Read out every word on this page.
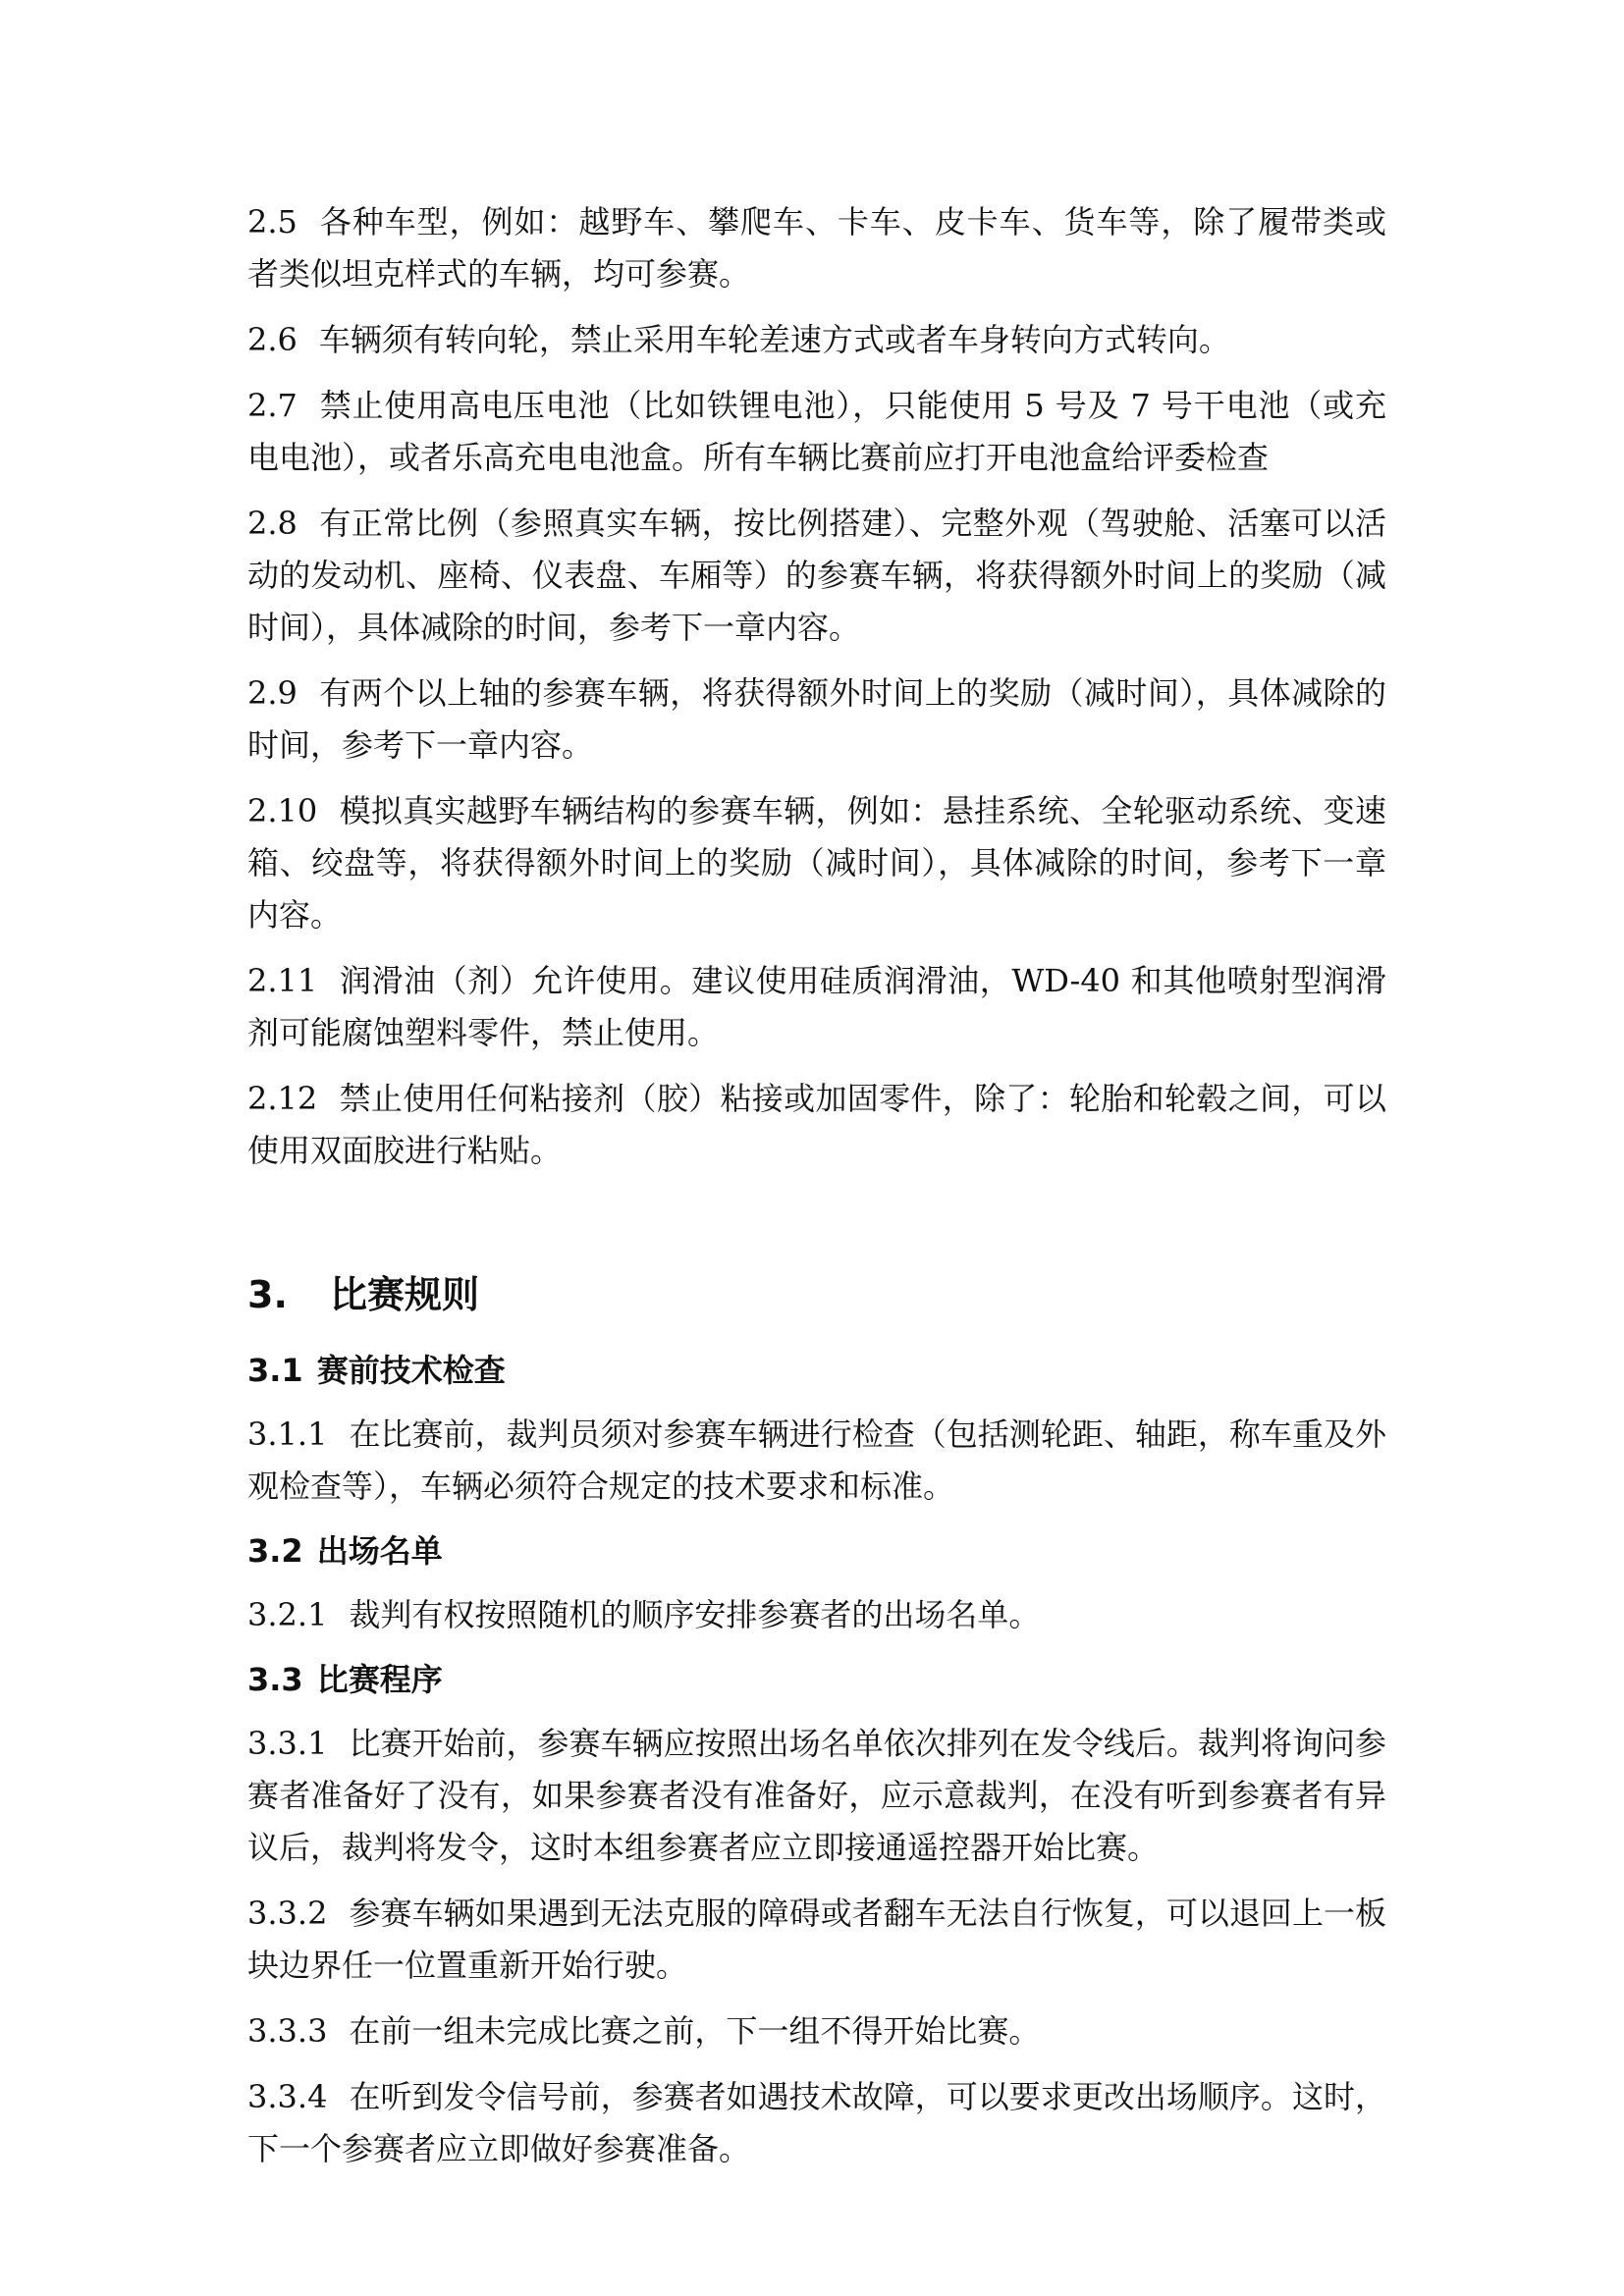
2.5 各种车型，例如：越野车、攀爬车、卡车、皮卡车、货车等，除了履带类或者类似坦克样式的车辆，均可参赛。

2.6 车辆须有转向轮，禁止采用车轮差速方式或者车身转向方式转向。

2.7 禁止使用高电压电池（比如铁锂电池），只能使用 5 号及 7 号干电池（或充电电池），或者乐高充电电池盒。所有车辆比赛前应打开电池盒给评委检查

2.8 有正常比例（参照真实车辆，按比例搭建）、完整外观（驾驶舱、活塞可以活动的发动机、座椅、仪表盘、车厢等）的参赛车辆，将获得额外时间上的奖励（减时间），具体减除的时间，参考下一章内容。

2.9 有两个以上轴的参赛车辆，将获得额外时间上的奖励（减时间），具体减除的时间，参考下一章内容。

2.10 模拟真实越野车辆结构的参赛车辆，例如：悬挂系统、全轮驱动系统、变速箱、绞盘等，将获得额外时间上的奖励（减时间），具体减除的时间，参考下一章内容。

2.11 润滑油（剂）允许使用。建议使用硅质润滑油，WD-40 和其他喷射型润滑剂可能腐蚀塑料零件，禁止使用。

2.12 禁止使用任何粘接剂（胶）粘接或加固零件，除了：轮胎和轮毂之间，可以使用双面胶进行粘贴。

3. 比赛规则
3.1 赛前技术检查

3.1.1 在比赛前，裁判员须对参赛车辆进行检查（包括测轮距、轴距，称车重及外观检查等），车辆必须符合规定的技术要求和标准。

3.2 出场名单

3.2.1 裁判有权按照随机的顺序安排参赛者的出场名单。

3.3 比赛程序

3.3.1 比赛开始前，参赛车辆应按照出场名单依次排列在发令线后。裁判将询问参赛者准备好了没有，如果参赛者没有准备好，应示意裁判，在没有听到参赛者有异议后，裁判将发令，这时本组参赛者应立即接通遥控器开始比赛。

3.3.2 参赛车辆如果遇到无法克服的障碍或者翻车无法自行恢复，可以退回上一板块边界任一位置重新开始行驶。

3.3.3 在前一组未完成比赛之前，下一组不得开始比赛。

3.3.4 在听到发令信号前，参赛者如遇技术故障，可以要求更改出场顺序。这时，下一个参赛者应立即做好参赛准备。
